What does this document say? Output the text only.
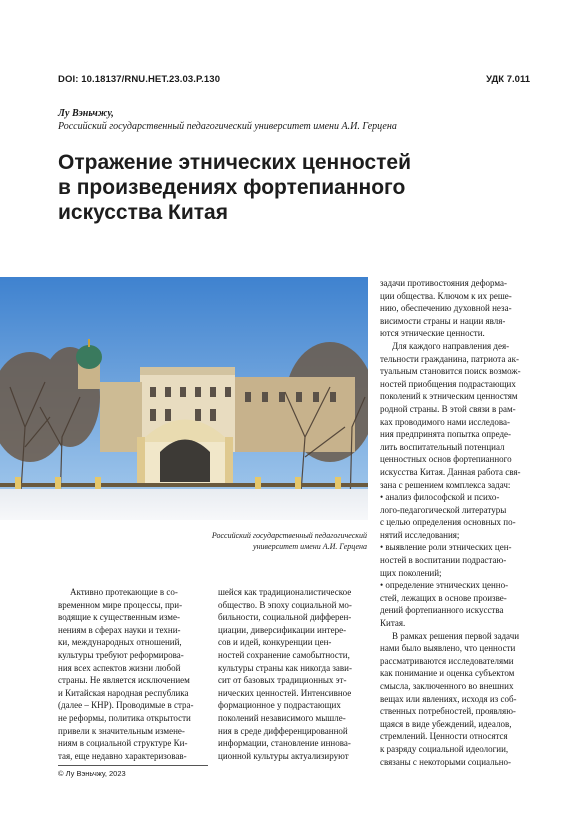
DOI: 10.18137/RNU.HET.23.03.P.130	УДК 7.011
Лу Вэньчжу,
Российский государственный педагогический университет имени А.И. Герцена
Отражение этнических ценностей
в произведениях фортепианного
искусства Китая
Российский государственный педагогический
университет имени А.И. Герцена
задачи противостояния деформа-
ции общества. Ключом к их реше-
нию, обеспечению духовной неза-
висимости страны и нации явля-
ются этнические ценности.
Для каждого направления дея-
тельности гражданина, патриота ак-
туальным становится поиск возмож-
ностей приобщения подрастающих
поколений к этническим ценностям
родной страны. В этой связи в рам-
ках проводимого нами исследова-
ния предпринята попытка опреде-
лить воспитательный потенциал
ценностных основ фортепианного
искусства Китая. Данная работа свя-
зана с решением комплекса задач:
• анализ философской и психо-
лого-педагогической литературы
с целью определения основных по-
нятий исследования;
• выявление роли этнических цен-
ностей в воспитании подрастаю-
щих поколений;
• определение этнических ценно-
стей, лежащих в основе произве-
дений фортепианного искусства
Китая.
В рамках решения первой задачи
нами было выявлено, что ценности
рассматриваются исследователями
как понимание и оценка субъектом
смысла, заключенного во внешних
вещах или явлениях, исходя из соб-
ственных потребностей, проявляю-
щаяся в виде убеждений, идеалов,
стремлений. Ценности относятся
к разряду социальной идеологии,
связаны с некоторыми социально-
Активно протекающие в со-
временном мире процессы, при-
водящие к существенным изме-
нениям в сферах науки и техни-
ки, международных отношений,
культуры требуют реформирова-
ния всех аспектов жизни любой
страны. Не является исключением
и Китайская народная республика
(далее – КНР). Проводимые в стра-
не реформы, политика открытости
привели к значительным измене-
ниям в социальной структуре Ки-
тая, еще недавно характеризовав-
шейся как традиционалистическое
общество. В эпоху социальной мо-
бильности, социальной дифферен-
циации, диверсификации интере-
сов и идей, конкуренции цен-
ностей сохранение самобытности,
культуры страны как никогда зави-
сит от базовых традиционных эт-
нических ценностей. Интенсивное
формационное у подрастающих
поколений независимого мышле-
ния в среде дифференцированной
информации, становление иннова-
ционной культуры актуализируют
© Лу Вэньчжу, 2023
